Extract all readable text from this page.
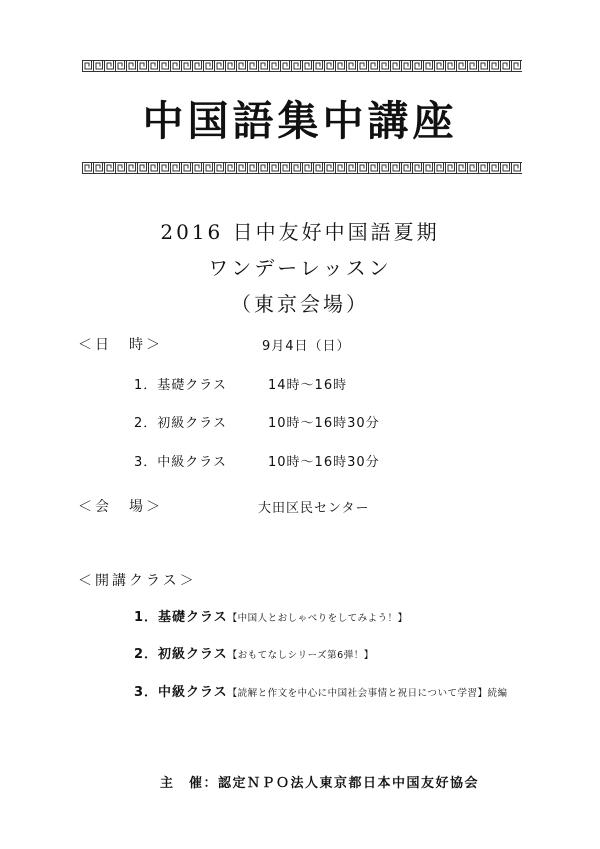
中国語集中講座
2016 日中友好中国語夏期
ワンデーレッスン
（東京会場）
＜日　時＞	9月4日（日）
1．基礎クラス	14時～16時
2．初級クラス	10時～16時30分
3．中級クラス	10時～16時30分
＜会　場＞	大田区民センター
＜開講クラス＞
1．基礎クラス【中国人とおしゃべりをしてみよう！】
2．初級クラス【おもてなしシリーズ第6弾！】
3．中級クラス【読解と作文を中心に中国社会事情と祝日について学習】続編
主　催：認定ＮＰＯ法人東京都日本中国友好協会
